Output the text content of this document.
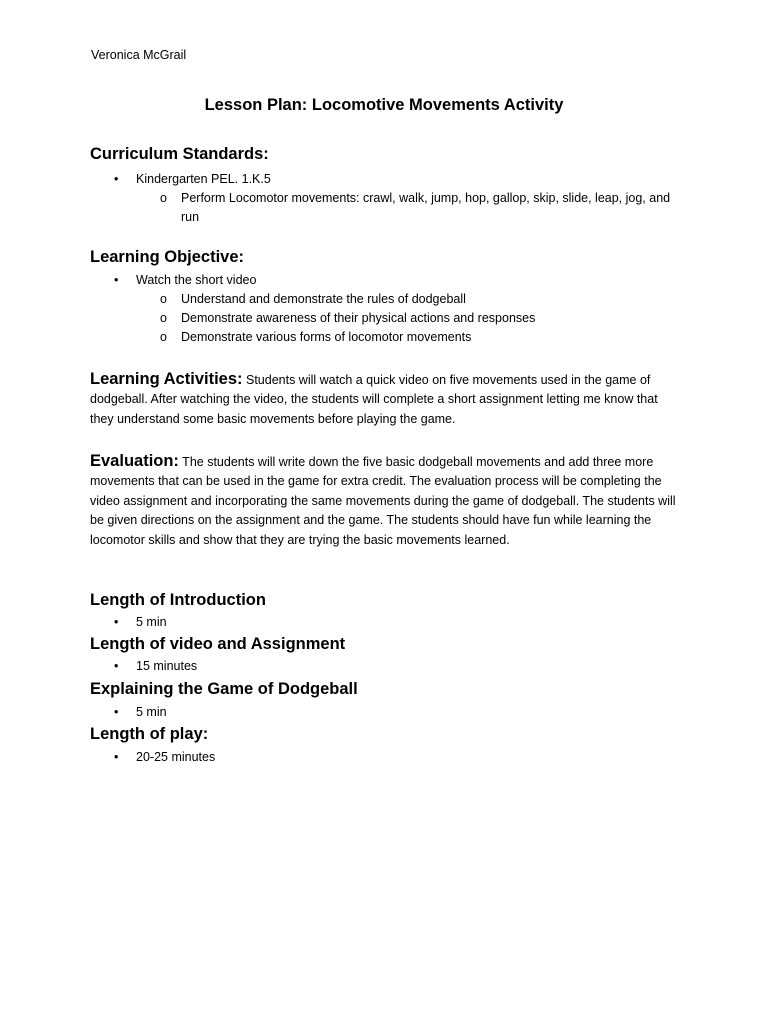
Veronica McGrail
Lesson Plan: Locomotive Movements Activity
Curriculum Standards:
• Kindergarten PEL. 1.K.5
o Perform Locomotor movements: crawl, walk, jump, hop, gallop, skip, slide, leap, jog, and run
Learning Objective:
• Watch the short video
o Understand and demonstrate the rules of dodgeball
o Demonstrate awareness of their physical actions and responses
o Demonstrate various forms of locomotor movements
Learning Activities: Students will watch a quick video on five movements used in the game of dodgeball. After watching the video, the students will complete a short assignment letting me know that they understand some basic movements before playing the game.
Evaluation: The students will write down the five basic dodgeball movements and add three more movements that can be used in the game for extra credit. The evaluation process will be completing the video assignment and incorporating the same movements during the game of dodgeball. The students will be given directions on the assignment and the game. The students should have fun while learning the locomotor skills and show that they are trying the basic movements learned.
Length of Introduction
• 5 min
Length of video and Assignment
• 15 minutes
Explaining the Game of Dodgeball
• 5 min
Length of play:
• 20-25 minutes
